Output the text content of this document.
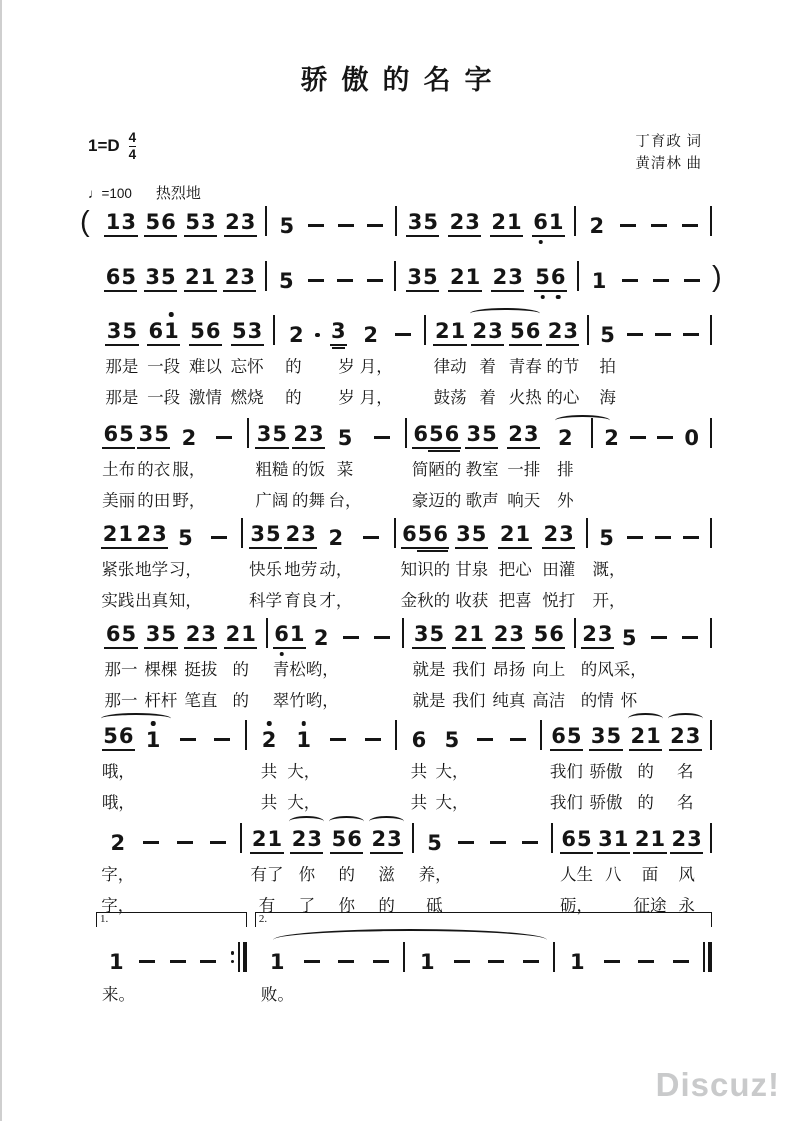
骄傲的名字
$1=D \frac{4}{4}$	丁育政 词
黄清林 曲
♩=100 热烈地
( 1 3 5 6 5 3 2 3 5	3 5 2 3 2 1 6 1 2
6 5 3 5 2 1 2 3 5	3 5 2 1 2 3 5 6 1	)
3 5 6 1 5 6 5 3 2 3 2	2 1 2 3 5 6 2 3 5
那是 一段 难以 忘怀	的	岁 月， 律动 着 青春 的节	拍
那是 一段 激情 燃烧	的	岁 月， 鼓荡 着 火热 的心	海
6 5 3 5 2	3 5 2 3 5	6 5 6 3 5 2 3 2 2	0
土布 的衣 服，	粗糙 的饭 菜	简陋的 教室 一排	排
美丽 的田 野，	广阔 的舞 台，	豪迈的 歌声 响天	外
2 1 2 3 5	3 5 2 3 2	6 5 6 3 5 2 1 2 3 5
紧张 地学 习，	快乐 地劳 动，	知识的 甘泉 把心 田灌	溉，
实践 出真 知，	科学 育良 才，	金秋的 收获 把喜 悦打	开，
6 5 3 5 2 3 2 1 6 1 2	3 5 2 1 2 3 5 6 2 3 5
那一 棵棵 挺拔 的	青松 哟，	就是 我们 昂扬 向上 的风 采，
那一 杆杆 笔直 的	翠竹 哟，	就是 我们 纯真 高洁 的情 怀
5 6 1	2 1	6 5	6 5 3 5 2 1 2 3
哦，	共 大，	共 大，	我们 骄傲 的	名
哦，	共 大，	共 大，	我们 骄傲 的	名
2	2 1 2 3 5 6 2 3 5	6 5 3 1 2 1 2 3
字，	有了 你	的	滋	养，	人生 八	面	风
字，	有	了	你	的	砥	砺， 征途 永
1.
1
来。
2.
1	1	1
败。
Discuz!
